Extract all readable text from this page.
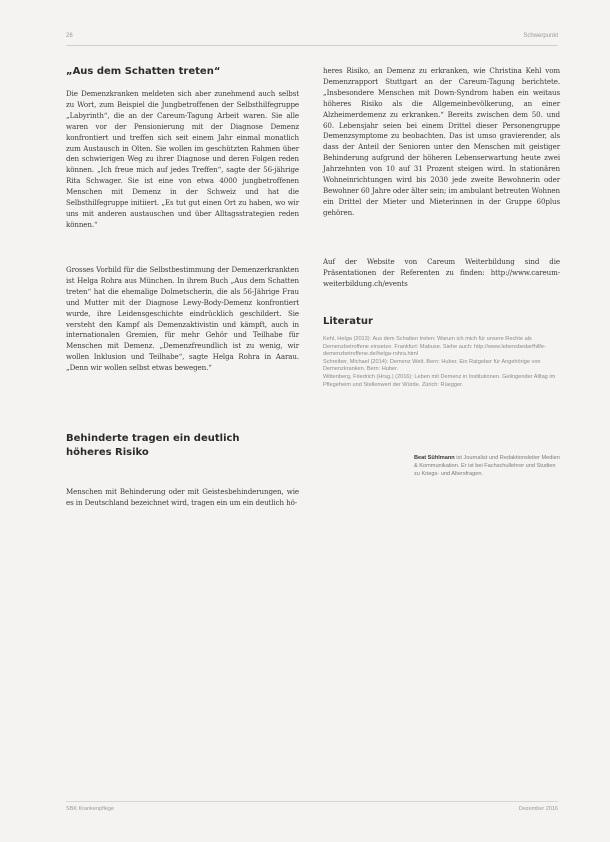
26	Schwerpunkt
„Aus dem Schatten treten“

Die Demenzkranken meldeten sich aber zunehmend auch selbst zu Wort, zum Beispiel die Jungbetroffenen der Selbsthilfegruppe „Labyrinth“, die an der Careum-Tagung Arbeit waren. Sie alle waren vor der Pensionierung mit der Diagnose Demenz konfrontiert und treffen sich seit einem Jahr einmal monatlich zum Austausch in Olten. Sie wollen im geschützten Rahmen über den schwierigen Weg zu ihrer Diagnose und deren Folgen reden können. „Ich freue mich auf jedes Treffen“, sagte der 56-jährige Rita Schwager. Sie ist eine von etwa 4000 jungbetroffenen Menschen mit Demenz in der Schweiz und hat die Selbsthilfegruppe initiiert. „Es tut gut einen Ort zu haben, wo wir uns mit anderen austauschen und über Alltagsstrategien reden können.“

Grosses Vorbild für die Selbstbestimmung der Demenzerkrankten ist Helga Rohra aus München. In ihrem Buch „Aus dem Schatten treten“ hat die ehemalige Dolmetscherin, die als 56-Jährige Frau und Mutter mit der Diagnose Lewy-Body-Demenz konfrontiert wurde, ihre Leidensgeschichte eindrücklich geschildert. Sie versteht den Kampf als Demenzaktivistin und kämpft, auch in internationalen Gremien, für mehr Gehör und Teilhabe für Menschen mit Demenz. „Demenzfreundlich ist zu wenig, wir wollen Inklusion und Teilhabe“, sagte Helga Rohra in Aarau. „Denn wir wollen selbst etwas bewegen.“

Behinderte tragen ein deutlich höheres Risiko

Menschen mit Behinderung oder mit Geistesbehinderungen, wie es in Deutschland bezeichnet wird, tragen ein um ein deutlich hö-

heres Risiko, an Demenz zu erkranken, wie Christina Kehl vom Demenzrapport Stuttgart an der Careum-Tagung berichtete. „Insbesondere Menschen mit Down-Syndrom haben ein weitaus höheres Risiko als die Allgemeinbevölkerung, an einer Alzheimerdemenz zu erkranken.“ Bereits zwischen dem 50. und 60. Lebensjahr seien bei einem Drittel dieser Personengruppe Demenzsymptome zu beobachten. Das ist umso gravierender, als dass der Anteil der Senioren unter den Menschen mit geistiger Behinderung aufgrund der höheren Lebenserwartung heute zwei Jahrzehnten von 10 auf 31 Prozent steigen wird. In stationären Wohneinrichtungen wird bis 2030 jede zweite Bewohnerin oder Bewohner 60 Jahre oder älter sein; im ambulant betreuten Wohnen ein Drittel der Mieter und Mieterinnen in der Gruppe 60plus gehören.

Auf der Website von Careum Weiterbildung sind die Präsentationen der Referenten zu finden: http://www.careum-weiterbildung.ch/events

Literatur

Kehl, Helga (2013): Aus dem Schatten treten: Warum ich mich für unsere Rechte als Demenzbetroffene einsetze. Frankfurt: Mabuse. Siehe auch: http://www.lebensbedarfhilfe-demenzbetroffene.de/helga-rohra.html

Schreiber, Michael (2014): Demenz Welt. Bern: Huber. Ein Ratgeber für Angehörige von Demenzkranken. Bern: Huber.

Wittenberg, Friedrich (Hrsg.) (2016): Leben mit Demenz in Institutionen. Gelingender Alltag im Pflegeheim und Stellenwert der Würde. Zürich: Rüegger.

Beat Sühlmann ist Journalist und Redaktionsleiter Medien & Kommunikation. Er ist bei Fachschullehrer und Studien zu Kriegs- und Altersfragen.
SBK Krankenpflege	Dezember 2016
